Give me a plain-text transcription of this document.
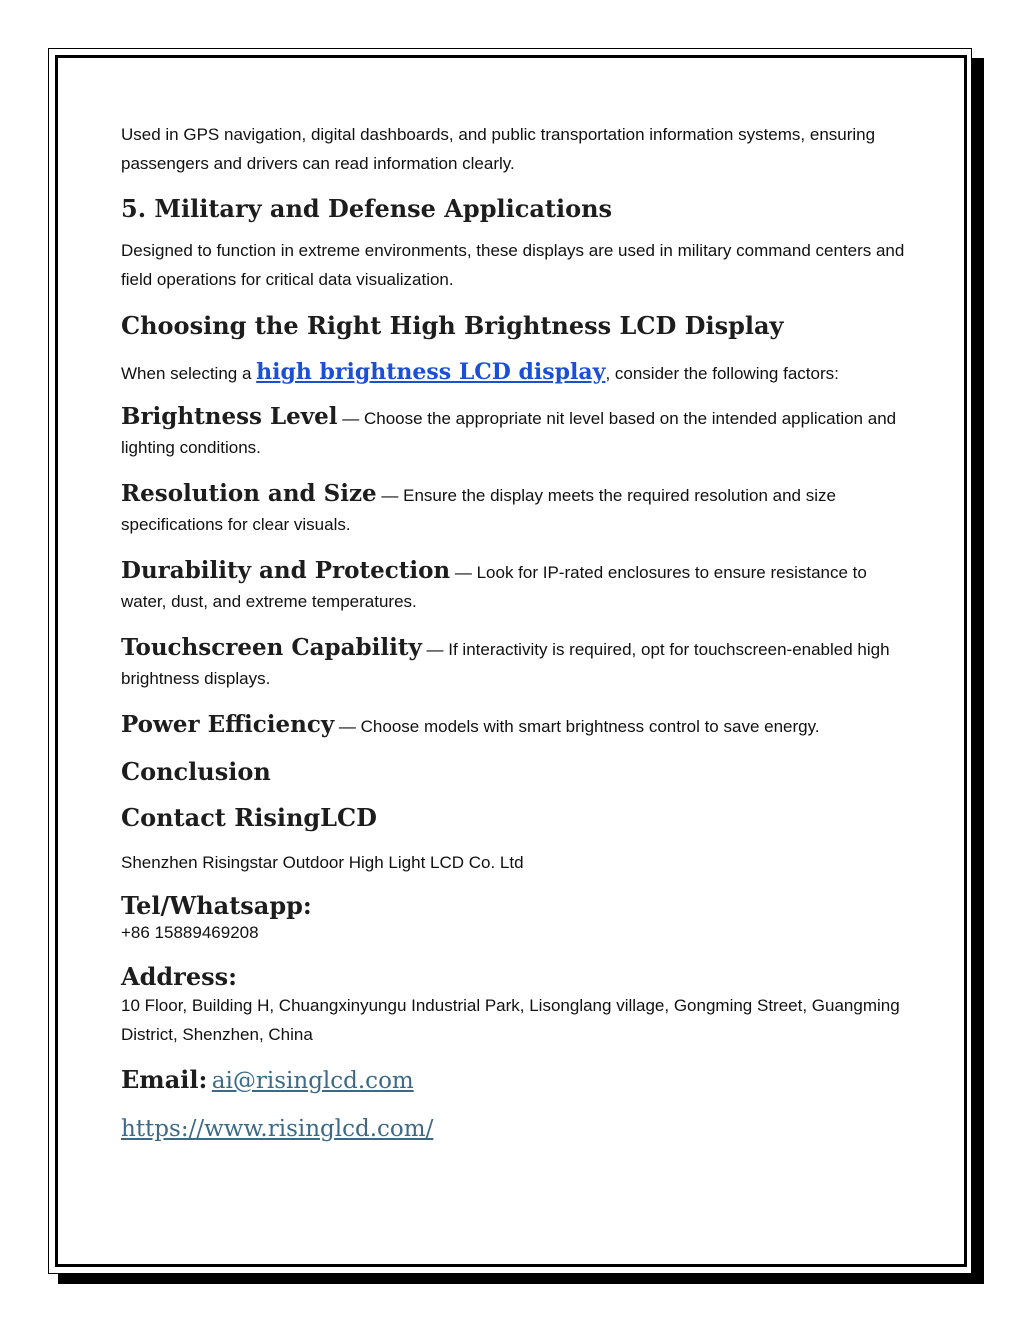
Used in GPS navigation, digital dashboards, and public transportation information systems, ensuring passengers and drivers can read information clearly.

5. Military and Defense Applications

Designed to function in extreme environments, these displays are used in military command centers and field operations for critical data visualization.

Choosing the Right High Brightness LCD Display

When selecting a high brightness LCD display, consider the following factors:

Brightness Level — Choose the appropriate nit level based on the intended application and lighting conditions.

Resolution and Size — Ensure the display meets the required resolution and size specifications for clear visuals.

Durability and Protection — Look for IP-rated enclosures to ensure resistance to water, dust, and extreme temperatures.

Touchscreen Capability — If interactivity is required, opt for touchscreen-enabled high brightness displays.

Power Efficiency — Choose models with smart brightness control to save energy.

Conclusion
Contact RisingLCD

Shenzhen Risingstar Outdoor High Light LCD Co. Ltd

Tel/Whatsapp:

+86 15889469208

Address:

10 Floor, Building H, Chuangxinyungu Industrial Park, Lisonglang village, Gongming Street, Guangming District, Shenzhen, China

Email: ai@risinglcd.com

https://www.risinglcd.com/
